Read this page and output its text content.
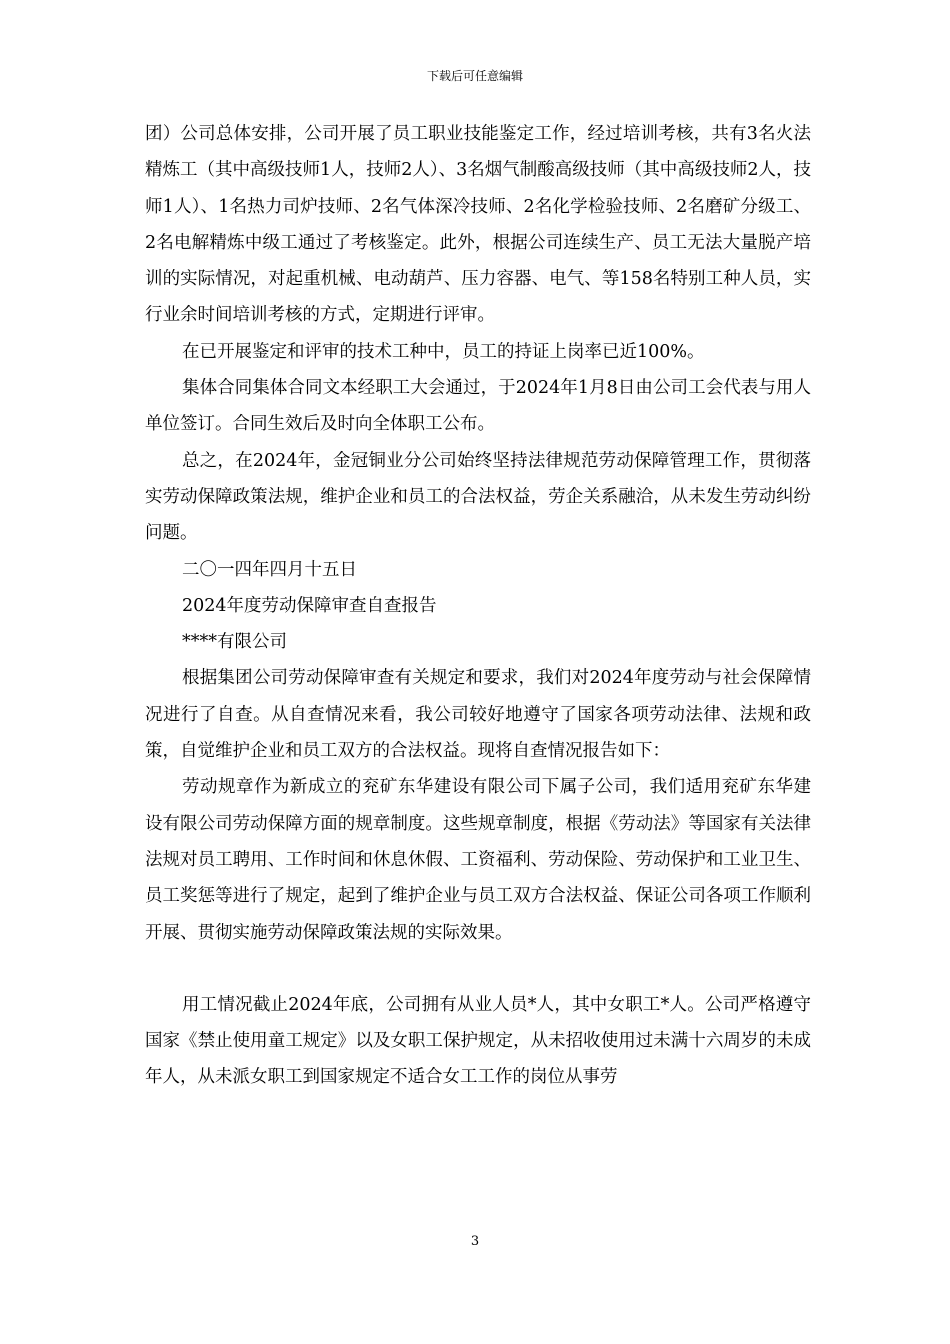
下载后可任意编辑

团）公司总体安排，公司开展了员工职业技能鉴定工作，经过培训考核，共有3名火法精炼工（其中高级技师1人，技师2人）、3名烟气制酸高级技师（其中高级技师2人，技师1人）、1名热力司炉技师、2名气体深冷技师、2名化学检验技师、2名磨矿分级工、2名电解精炼中级工通过了考核鉴定。此外，根据公司连续生产、员工无法大量脱产培训的实际情况，对起重机械、电动葫芦、压力容器、电气、等158名特别工种人员，实行业余时间培训考核的方式，定期进行评审。

在已开展鉴定和评审的技术工种中，员工的持证上岗率已近100%。

集体合同集体合同文本经职工大会通过，于2024年1月8日由公司工会代表与用人单位签订。合同生效后及时向全体职工公布。

总之，在2024年，金冠铜业分公司始终坚持法律规范劳动保障管理工作，贯彻落实劳动保障政策法规，维护企业和员工的合法权益，劳企关系融洽，从未发生劳动纠纷问题。

二〇一四年四月十五日

2024年度劳动保障审查自查报告

****有限公司

根据集团公司劳动保障审查有关规定和要求，我们对2024年度劳动与社会保障情况进行了自查。从自查情况来看，我公司较好地遵守了国家各项劳动法律、法规和政策，自觉维护企业和员工双方的合法权益。现将自查情况报告如下：

劳动规章作为新成立的兖矿东华建设有限公司下属子公司，我们适用兖矿东华建设有限公司劳动保障方面的规章制度。这些规章制度，根据《劳动法》等国家有关法律法规对员工聘用、工作时间和休息休假、工资福利、劳动保险、劳动保护和工业卫生、员工奖惩等进行了规定，起到了维护企业与员工双方合法权益、保证公司各项工作顺利开展、贯彻实施劳动保障政策法规的实际效果。

用工情况截止2024年底，公司拥有从业人员*人，其中女职工*人。公司严格遵守国家《禁止使用童工规定》以及女职工保护规定，从未招收使用过未满十六周岁的未成年人，从未派女职工到国家规定不适合女工工作的岗位从事劳

3
